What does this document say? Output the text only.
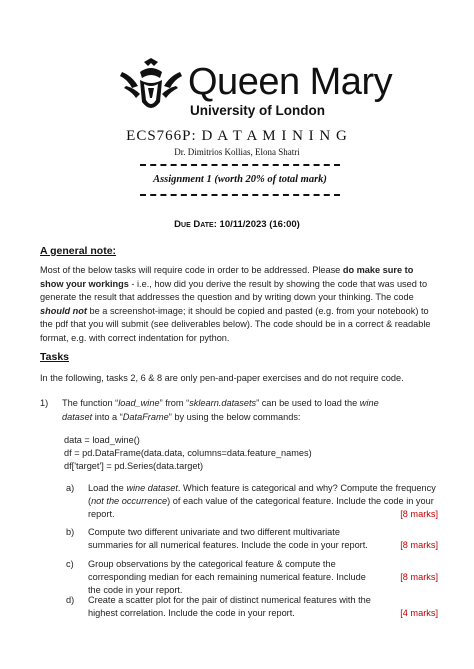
Queen Mary
University of London
ECS766P: D A T A M I N I N G
Dr. Dimitrios Kollias, Elona Shatri
Assignment 1 (worth 20% of total mark)
Due Date: 10/11/2023 (16:00)
A general note:
Most of the below tasks will require code in order to be addressed. Please do make sure to show your workings - i.e., how did you derive the result by showing the code that was used to generate the result that addresses the question and by writing down your thinking. The code should not be a screenshot-image; it should be copied and pasted (e.g. from your notebook) to the pdf that you will submit (see deliverables below). The code should be in a correct & readable format, e.g. with correct indentation for python.
Tasks
In the following, tasks 2, 6 & 8 are only pen-and-paper exercises and do not require code.
1) The function “load_wine” from “sklearn.datasets” can be used to load the wine dataset into a “DataFrame” by using the below commands:
data = load_wine()
df = pd.DataFrame(data.data, columns=data.feature_names)
df['target'] = pd.Series(data.target)
a) Load the wine dataset. Which feature is categorical and why? Compute the frequency (not the occurrence) of each value of the categorical feature. Include the code in your report.	[8 marks]
b) Compute two different univariate and two different multivariate summaries for all numerical features. Include the code in your report.	[8 marks]
c) Group observations by the categorical feature & compute the corresponding median for each remaining numerical feature. Include the code in your report.
[8 marks]
d) Create a scatter plot for the pair of distinct numerical features with the highest correlation. Include the code in your report.	[4 marks]
